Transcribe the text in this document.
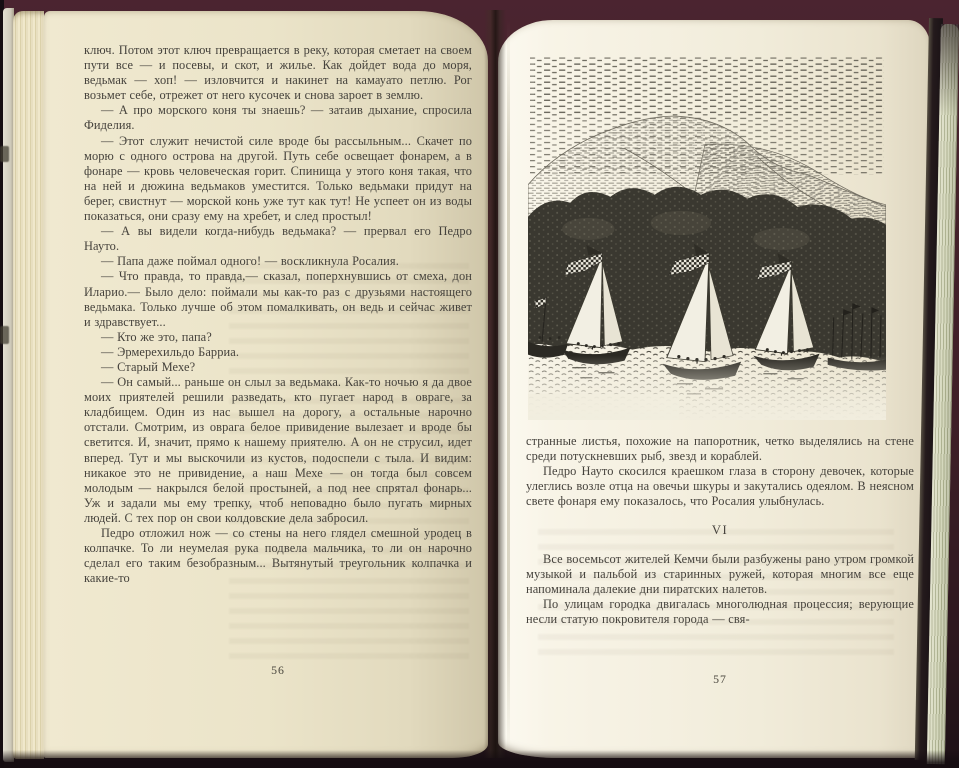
ключ. Потом этот ключ превращается в реку, которая сметает на своем пути все — и посевы, и скот, и жилье. Как дойдет вода до моря, ведьмак — хоп! — изловчится и накинет на камауато петлю. Рог возьмет себе, отрежет от него кусочек и снова зароет в землю.

— А про морского коня ты знаешь? — затаив дыхание, спросила Фиделия.

— Этот служит нечистой силе вроде бы рассыльным... Скачет по морю с одного острова на другой. Путь себе освещает фонарем, а в фонаре — кровь человеческая горит. Спинища у этого коня такая, что на ней и дюжина ведьмаков уместится. Только ведьмаки придут на берег, свистнут — морской конь уже тут как тут! Не успеет он из воды показаться, они сразу ему на хребет, и след простыл!

— А вы видели когда-нибудь ведьмака? — прервал его Педро Науто.

— Папа даже поймал одного! — воскликнула Росалия.

— Что правда, то правда,— сказал, поперхнувшись от смеха, дон Иларио.— Было дело: поймали мы как-то раз с друзьями настоящего ведьмака. Только лучше об этом помалкивать, он ведь и сейчас живет и здравствует...

— Кто же это, папа?

— Эрмерехильдо Барриа.

— Старый Мехе?

— Он самый... раньше он слыл за ведьмака. Как-то ночью я да двое моих приятелей решили разведать, кто пугает народ в овраге, за кладбищем. Один из нас вышел на дорогу, а остальные нарочно отстали. Смотрим, из оврага белое привидение вылезает и вроде бы светится. И, значит, прямо к нашему приятелю. А он не струсил, идет вперед. Тут и мы выскочили из кустов, подоспели с тыла. И видим: никакое это не привидение, а наш Мехе — он тогда был совсем молодым — накрылся белой простыней, а под нее спрятал фонарь... Уж и задали мы ему трепку, чтоб неповадно было пугать мирных людей. С тех пор он свои колдовские дела забросил.

Педро отложил нож — со стены на него глядел смешной уродец в колпачке. То ли неумелая рука подвела мальчика, то ли он нарочно сделал его таким безобразным... Вытянутый треугольник колпачка и какие-то

56

странные листья, похожие на папоротник, четко выделялись на стене среди потускневших рыб, звезд и кораблей.

Педро Науто скосился краешком глаза в сторону девочек, которые улеглись возле отца на овечьи шкуры и закутались одеялом. В неясном свете фонаря ему показалось, что Росалия улыбнулась.

VI

Все восемьсот жителей Кемчи были разбужены рано утром громкой музыкой и пальбой из старинных ружей, которая многим все еще напоминала далекие дни пиратских налетов.

По улицам городка двигалась многолюдная процессия; верующие несли статую покровителя города — свя-

57
